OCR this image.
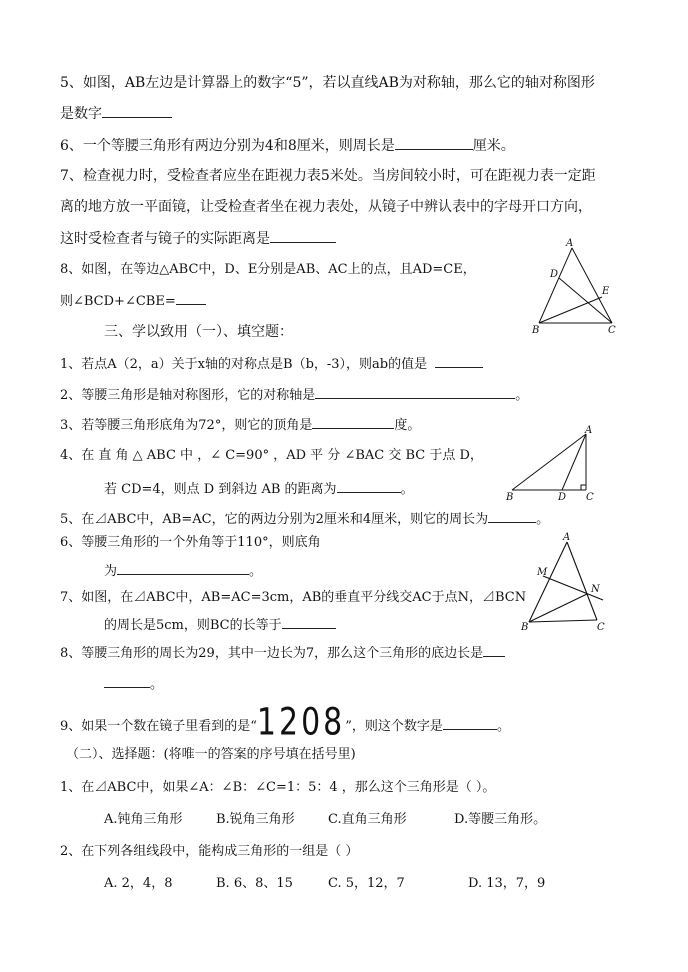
5、如图，AB左边是计算器上的数字“5”，若以直线AB为对称轴，那么它的轴对称图形
是数字
6、一个等腰三角形有两边分别为4和8厘米，则周长是	厘米。
7、检查视力时，受检查者应坐在距视力表5米处。当房间较小时，可在距视力表一定距
离的地方放一平面镜，让受检查者坐在视力表处，从镜子中辨认表中的字母开口方向，
这时受检查者与镜子的实际距离是
8、如图，在等边△ABC中，D、E分别是AB、AC上的点，且AD=CE，
则∠BCD+∠CBE=
A
B	C
D
E
三、学以致用（一）、填空题：
1、若点A（2，a）关于x轴的对称点是B（b，-3），则ab的值是
2、等腰三角形是轴对称图形，它的对称轴是	。
3、若等腰三角形底角为72°，则它的顶角是	度。
4、在 直 角 △ ABC 中 ，∠ C=90° ，AD 平 分 ∠BAC 交 BC 于点 D，
若 CD=4，则点 D 到斜边 AB 的距离为	。
A
B	C
D
5、在⊿ABC中，AB=AC，它的两边分别为2厘米和4厘米，则它的周长为	。
6、等腰三角形的一个外角等于110°，则底角
为	。
7、如图，在⊿ABC中，AB=AC=3cm，AB的垂直平分线交AC于点N，⊿BCN
的周长是5cm，则BC的长等于
A
B	C
M
N
8、等腰三角形的周长为29，其中一边长为7，那么这个三角形的底边长是
。
9、如果一个数在镜子里看到的是“1208”，则这个数字是	。
（二）、选择题：(将唯一的答案的序号填在括号里)
1、在⊿ABC中，如果∠A：∠B：∠C=1：5：4 ，那么这个三角形是（ ）。
A.钝角三角形	B.锐角三角形	C.直角三角形	D.等腰三角形。
2、在下列各组线段中，能构成三角形的一组是（ ）
A. 2，4，8	B. 6、8、15	C. 5，12，7	D. 13，7，9
